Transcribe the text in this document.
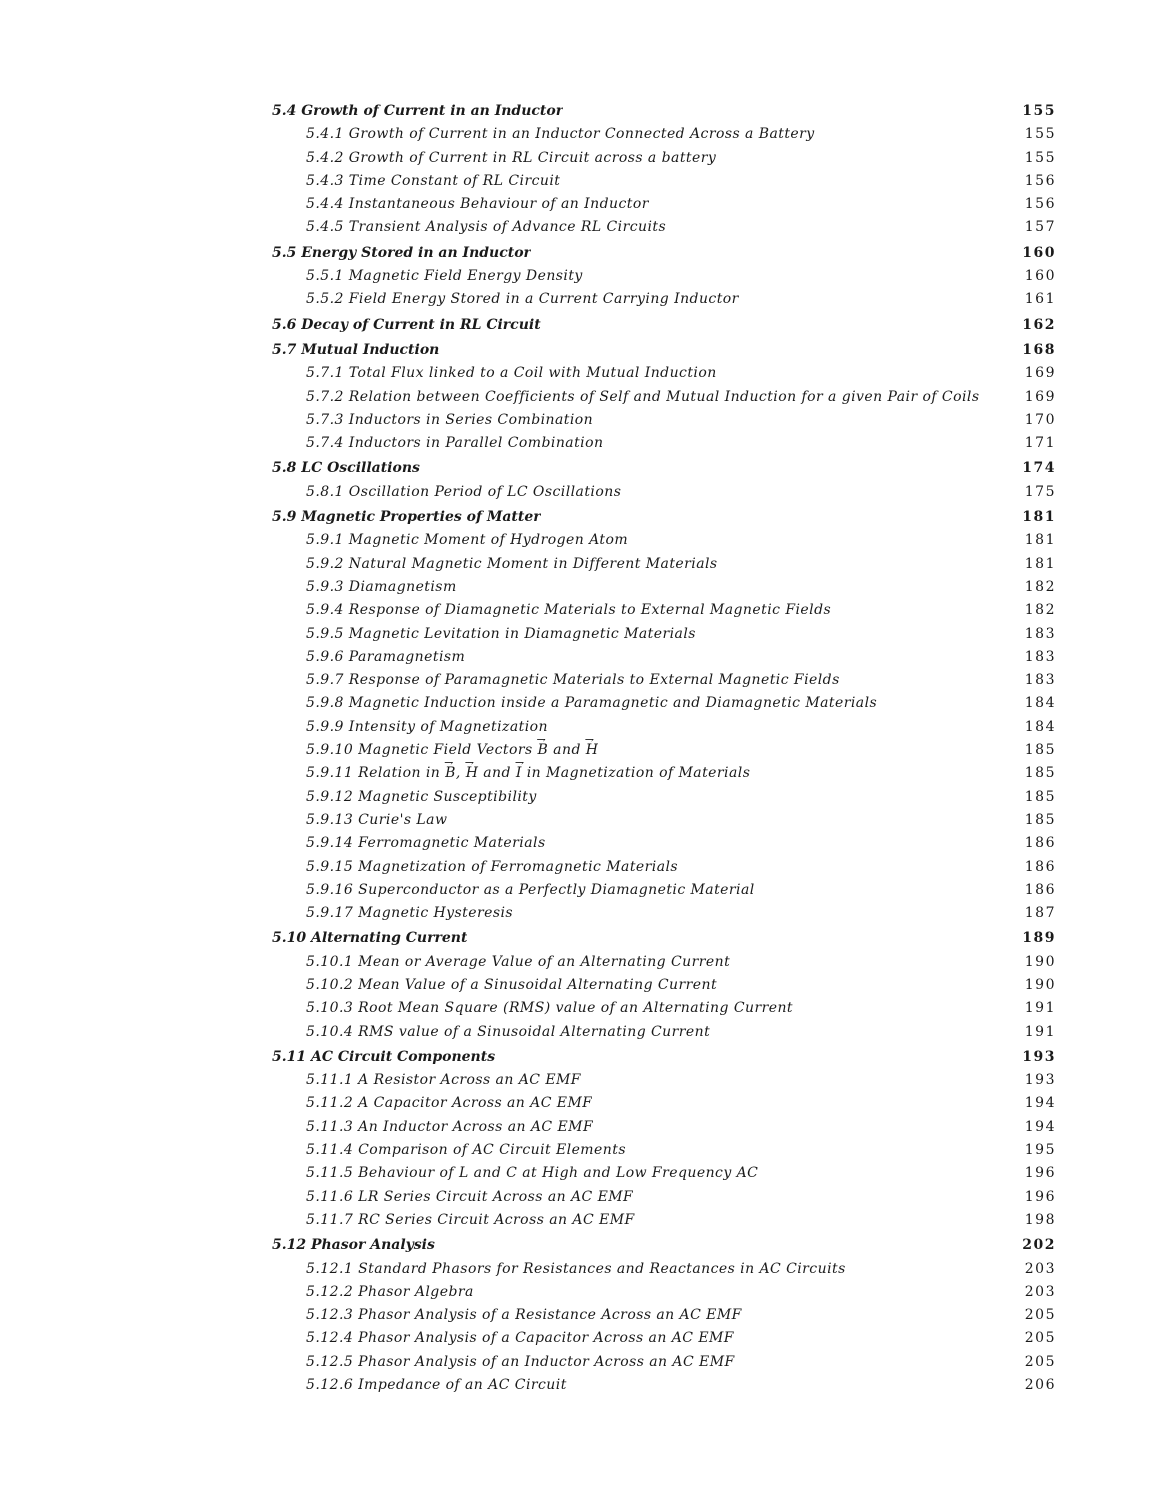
5.4 Growth of Current in an Inductor	155
5.4.1 Growth of Current in an Inductor Connected Across a Battery	155
5.4.2 Growth of Current in RL Circuit across a battery	155
5.4.3 Time Constant of RL Circuit	156
5.4.4 Instantaneous Behaviour of an Inductor	156
5.4.5 Transient Analysis of Advance RL Circuits	157
5.5 Energy Stored in an Inductor	160
5.5.1 Magnetic Field Energy Density	160
5.5.2 Field Energy Stored in a Current Carrying Inductor	161
5.6 Decay of Current in RL Circuit	162
5.7 Mutual Induction	168
5.7.1 Total Flux linked to a Coil with Mutual Induction	169
5.7.2 Relation between Coefficients of Self and Mutual Induction for a given Pair of Coils	169
5.7.3 Inductors in Series Combination	170
5.7.4 Inductors in Parallel Combination	171
5.8 LC Oscillations	174
5.8.1 Oscillation Period of LC Oscillations	175
5.9 Magnetic Properties of Matter	181
5.9.1 Magnetic Moment of Hydrogen Atom	181
5.9.2 Natural Magnetic Moment in Different Materials	181
5.9.3 Diamagnetism	182
5.9.4 Response of Diamagnetic Materials to External Magnetic Fields	182
5.9.5 Magnetic Levitation in Diamagnetic Materials	183
5.9.6 Paramagnetism	183
5.9.7 Response of Paramagnetic Materials to External Magnetic Fields	183
5.9.8 Magnetic Induction inside a Paramagnetic and Diamagnetic Materials	184
5.9.9 Intensity of Magnetization	184
5.9.10 Magnetic Field Vectors → B and → H	185
5.9.11 Relation in → B, → H and → I in Magnetization of Materials	185
5.9.12 Magnetic Susceptibility	185
5.9.13 Curie's Law	185
5.9.14 Ferromagnetic Materials	186
5.9.15 Magnetization of Ferromagnetic Materials	186
5.9.16 Superconductor as a Perfectly Diamagnetic Material	186
5.9.17 Magnetic Hysteresis	187
5.10 Alternating Current	189
5.10.1 Mean or Average Value of an Alternating Current	190
5.10.2 Mean Value of a Sinusoidal Alternating Current	190
5.10.3 Root Mean Square (RMS) value of an Alternating Current	191
5.10.4 RMS value of a Sinusoidal Alternating Current	191
5.11 AC Circuit Components	193
5.11.1 A Resistor Across an AC EMF	193
5.11.2 A Capacitor Across an AC EMF	194
5.11.3 An Inductor Across an AC EMF	194
5.11.4 Comparison of AC Circuit Elements	195
5.11.5 Behaviour of L and C at High and Low Frequency AC	196
5.11.6 LR Series Circuit Across an AC EMF	196
5.11.7 RC Series Circuit Across an AC EMF	198
5.12 Phasor Analysis	202
5.12.1 Standard Phasors for Resistances and Reactances in AC Circuits	203
5.12.2 Phasor Algebra	203
5.12.3 Phasor Analysis of a Resistance Across an AC EMF	205
5.12.4 Phasor Analysis of a Capacitor Across an AC EMF	205
5.12.5 Phasor Analysis of an Inductor Across an AC EMF	205
5.12.6 Impedance of an AC Circuit	206
